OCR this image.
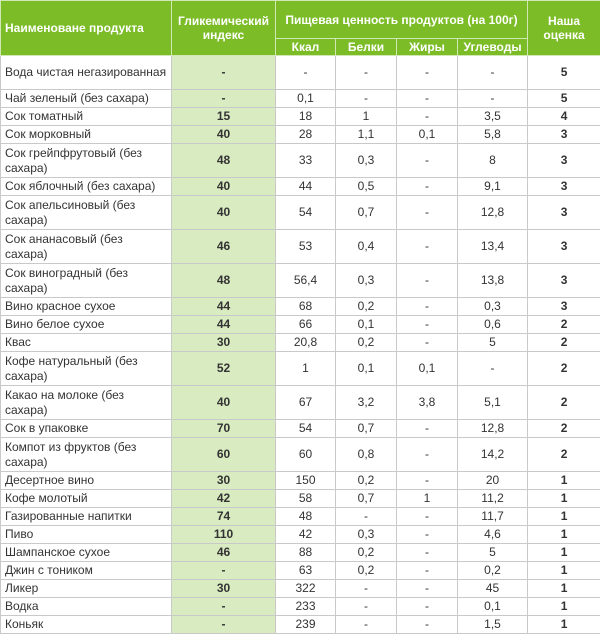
Наименоване продукта	Гликемический индекс	Пищевая ценность продуктов (на 100г)				Наша оценка
		Ккал	Белки	Жиры	Углеводы	
Вода чистая негазированная	-	-	-	-	-	5
Чай зеленый (без сахара)	-	0,1	-	-	-	5
Сок томатный	15	18	1	-	3,5	4
Сок морковный	40	28	1,1	0,1	5,8	3
Сок грейпфрутовый (без сахара)	48	33	0,3	-	8	3
Сок яблочный (без сахара)	40	44	0,5	-	9,1	3
Сок апельсиновый (без сахара)	40	54	0,7	-	12,8	3
Сок ананасовый (без сахара)	46	53	0,4	-	13,4	3
Сок виноградный (без сахара)	48	56,4	0,3	-	13,8	3
Вино красное сухое	44	68	0,2	-	0,3	3
Вино белое сухое	44	66	0,1	-	0,6	2
Квас	30	20,8	0,2	-	5	2
Кофе натуральный (без сахара)	52	1	0,1	0,1	-	2
Какао на молоке (без сахара)	40	67	3,2	3,8	5,1	2
Сок в упаковке	70	54	0,7	-	12,8	2
Компот из фруктов (без сахара)	60	60	0,8	-	14,2	2
Десертное вино	30	150	0,2	-	20	1
Кофе молотый	42	58	0,7	1	11,2	1
Газированные напитки	74	48	-	-	11,7	1
Пиво	110	42	0,3	-	4,6	1
Шампанское сухое	46	88	0,2	-	5	1
Джин с тоником	-	63	0,2	-	0,2	1
Ликер	30	322	-	-	45	1
Водка	-	233	-	-	0,1	1
Коньяк	-	239	-	-	1,5	1
